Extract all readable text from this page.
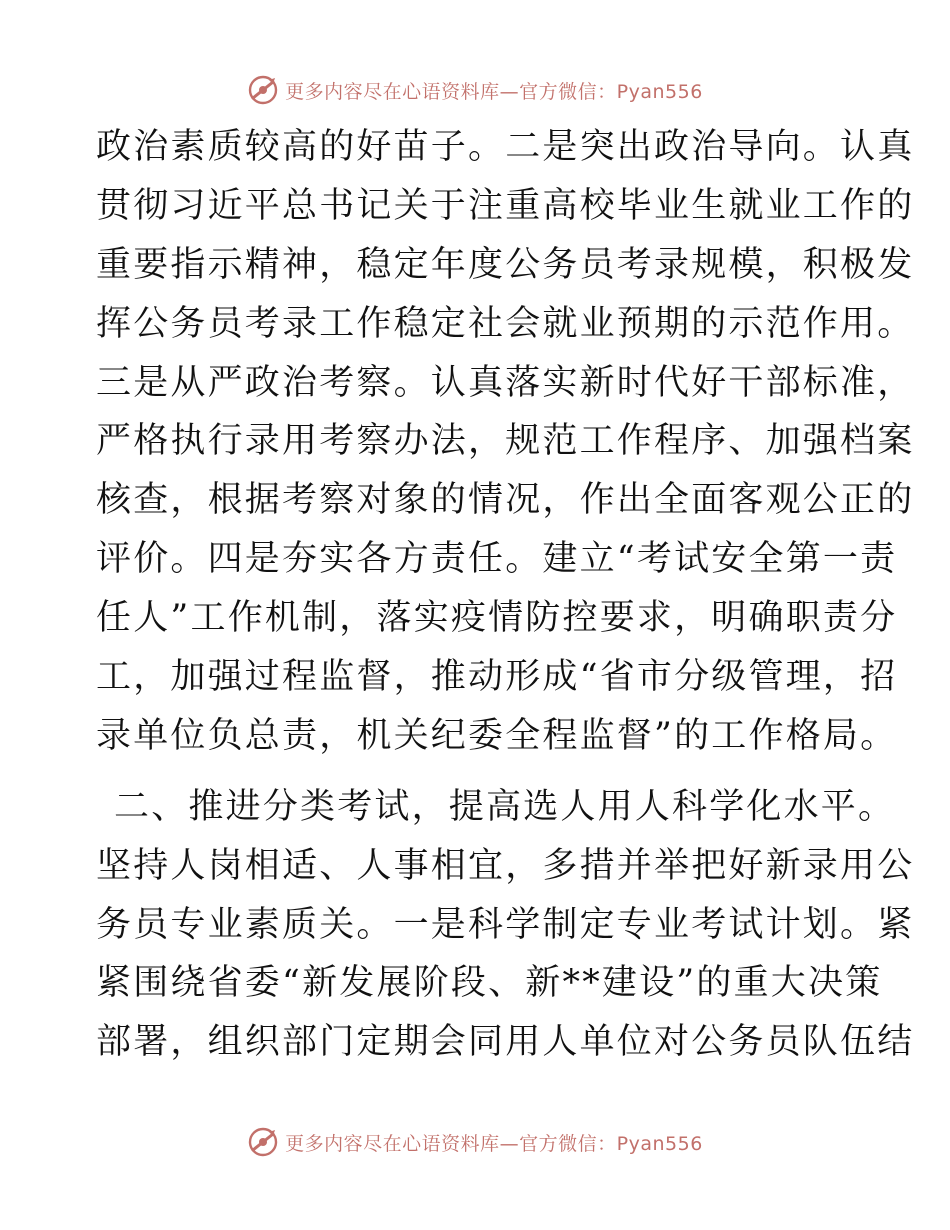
更多内容尽在心语资料库—官方微信：Pyan556
政治素质较高的好苗子。二是突出政治导向。认真
贯彻习近平总书记关于注重高校毕业生就业工作的
重要指示精神，稳定年度公务员考录规模，积极发
挥公务员考录工作稳定社会就业预期的示范作用。
三是从严政治考察。认真落实新时代好干部标准，
严格执行录用考察办法，规范工作程序、加强档案
核查，根据考察对象的情况，作出全面客观公正的
评价。四是夯实各方责任。建立“考试安全第一责
任人”工作机制，落实疫情防控要求，明确职责分
工，加强过程监督，推动形成“省市分级管理，招
录单位负总责，机关纪委全程监督”的工作格局。
二、推进分类考试，提高选人用人科学化水平。
坚持人岗相适、人事相宜，多措并举把好新录用公
务员专业素质关。一是科学制定专业考试计划。紧
紧围绕省委“新发展阶段、新**建设”的重大决策
部署，组织部门定期会同用人单位对公务员队伍结
更多内容尽在心语资料库—官方微信：Pyan556
